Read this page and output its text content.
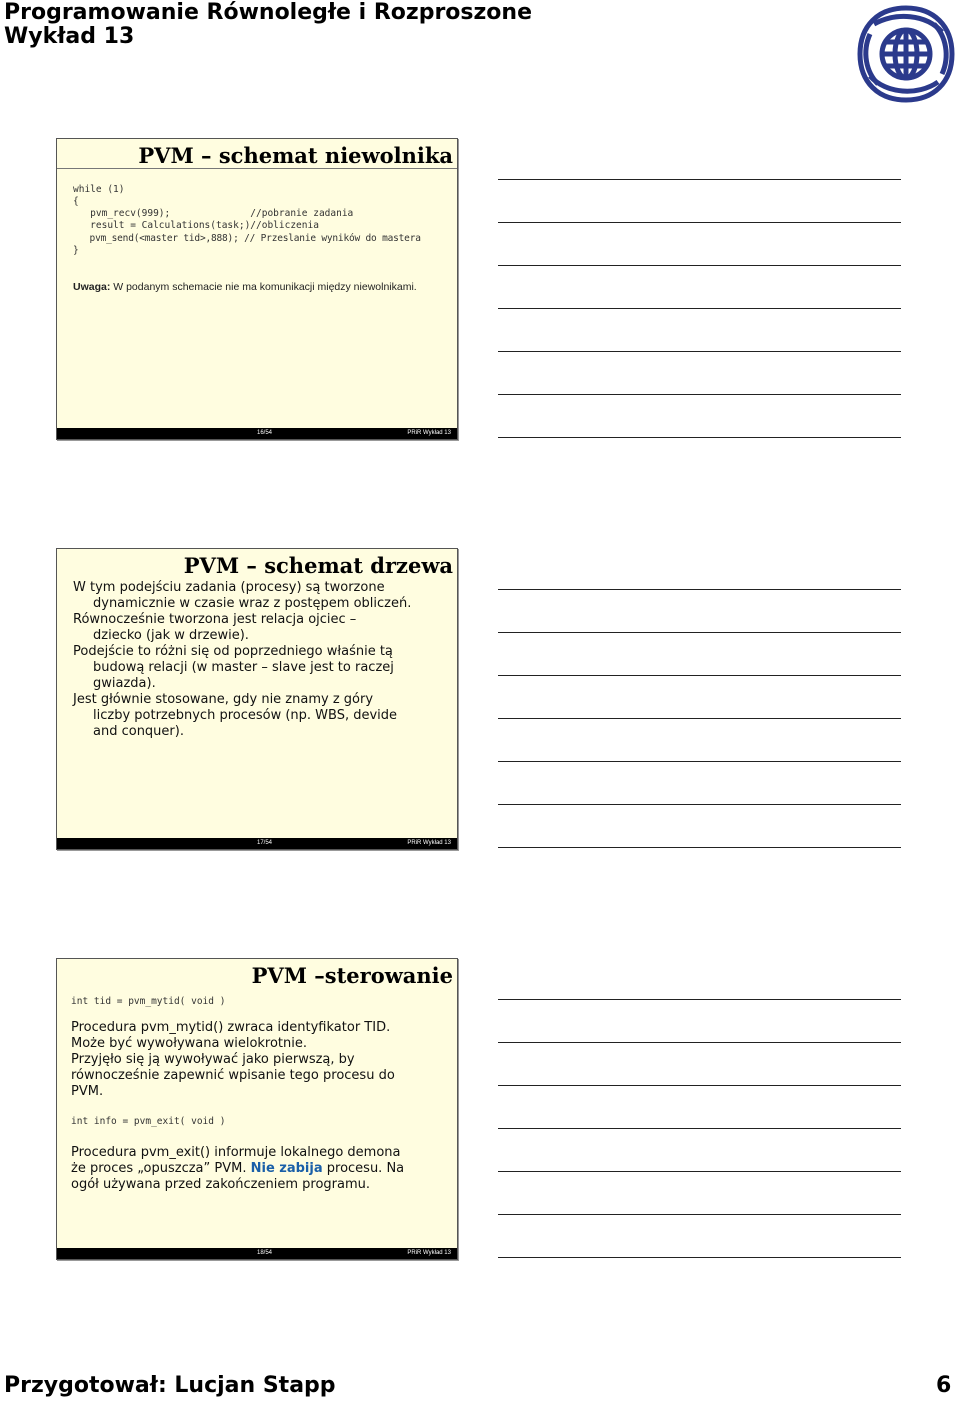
Programowanie Równoległe i Rozproszone
Wykład 13
PVM – schemat niewolnika
while (1)
{
pvm_recv(999);              //pobranie zadania
result = Calculations(task;)//obliczenia
pvm_send(<master tid>,888); // Przeslanie wyników do mastera
}
Uwaga: W podanym schemacie nie ma komunikacji między niewolnikami.
16/54	PRiR Wykład 13
PVM – schemat drzewa
W tym podejściu zadania (procesy) są tworzone
dynamicznie w czasie wraz z postępem obliczeń.
Równocześnie tworzona jest relacja ojciec –
dziecko (jak w drzewie).
Podejście to różni się od poprzedniego właśnie tą
budową relacji (w master – slave jest to raczej
gwiazda).
Jest głównie stosowane, gdy nie znamy z góry
liczby potrzebnych procesów (np. WBS, devide
and conquer).
17/54	PRiR Wykład 13
PVM –sterowanie
int tid = pvm_mytid( void )
Procedura pvm_mytid() zwraca identyfikator TID.
Może być wywoływana wielokrotnie.
Przyjęło się ją wywoływać jako pierwszą, by
równocześnie zapewnić wpisanie tego procesu do
PVM.
int info = pvm_exit( void )
Procedura pvm_exit() informuje lokalnego demona
że proces „opuszcza” PVM. Nie zabija procesu. Na
ogół używana przed zakończeniem programu.
18/54	PRiR Wykład 13
Przygotował: Lucjan Stapp	6
